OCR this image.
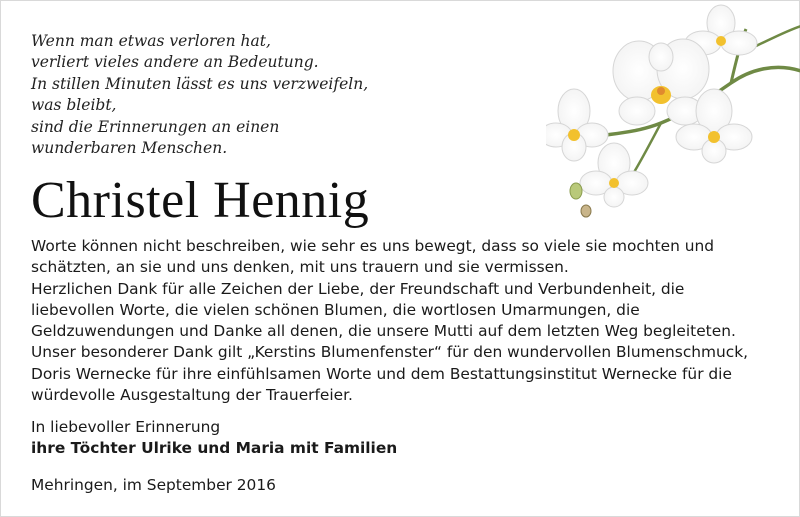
Wenn man etwas verloren hat,
verliert vieles andere an Bedeutung.
In stillen Minuten lässt es uns verzweifeln,
was bleibt,
sind die Erinnerungen an einen
wunderbaren Menschen.
Christel Hennig
Worte können nicht beschreiben, wie sehr es uns bewegt, dass so viele sie mochten und
schätzten, an sie und uns denken, mit uns trauern und sie vermissen.
Herzlichen Dank für alle Zeichen der Liebe, der Freundschaft und Verbundenheit, die
liebevollen Worte, die vielen schönen Blumen, die wortlosen Umarmungen, die
Geldzuwendungen und Danke all denen, die unsere Mutti auf dem letzten Weg begleiteten.
Unser besonderer Dank gilt „Kerstins Blumenfenster“ für den wundervollen Blumenschmuck,
Doris Wernecke für ihre einfühlsamen Worte und dem Bestattungsinstitut Wernecke für die
würdevolle Ausgestaltung der Trauerfeier.
In liebevoller Erinnerung
ihre Töchter Ulrike und Maria mit Familien
Mehringen, im September 2016
